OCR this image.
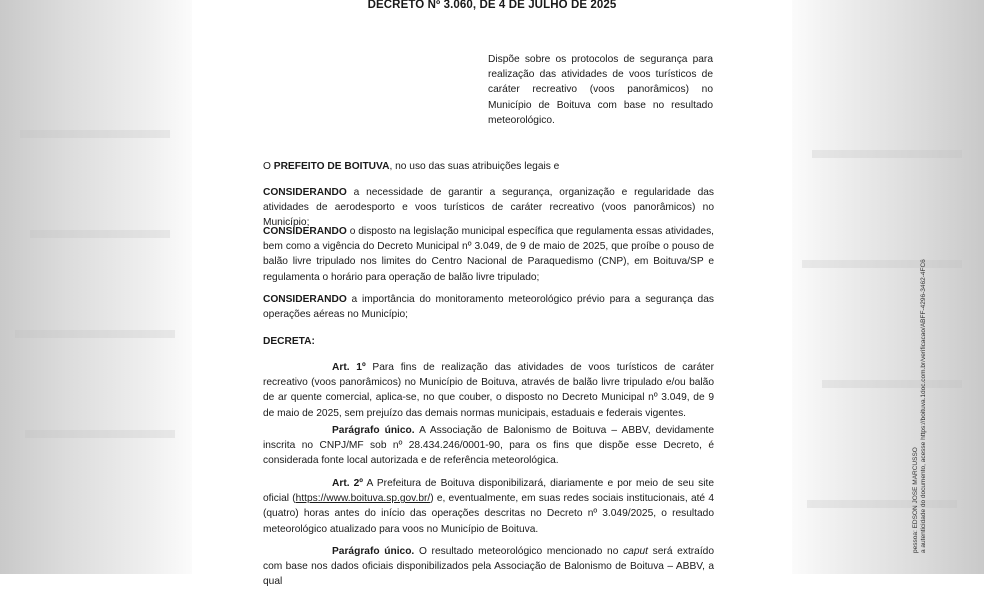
DECRETO Nº 3.060, DE 4 DE JULHO DE 2025
Dispõe sobre os protocolos de segurança para realização das atividades de voos turísticos de caráter recreativo (voos panorâmicos) no Município de Boituva com base no resultado meteorológico.
O PREFEITO DE BOITUVA, no uso das suas atribuições legais e
CONSIDERANDO a necessidade de garantir a segurança, organização e regularidade das atividades de aerodesporto e voos turísticos de caráter recreativo (voos panorâmicos) no Município;
CONSIDERANDO o disposto na legislação municipal específica que regulamenta essas atividades, bem como a vigência do Decreto Municipal nº 3.049, de 9 de maio de 2025, que proíbe o pouso de balão livre tripulado nos limites do Centro Nacional de Paraquedismo (CNP), em Boituva/SP e regulamenta o horário para operação de balão livre tripulado;
CONSIDERANDO a importância do monitoramento meteorológico prévio para a segurança das operações aéreas no Município;
DECRETA:
Art. 1º Para fins de realização das atividades de voos turísticos de caráter recreativo (voos panorâmicos) no Município de Boituva, através de balão livre tripulado e/ou balão de ar quente comercial, aplica-se, no que couber, o disposto no Decreto Municipal nº 3.049, de 9 de maio de 2025, sem prejuízo das demais normas municipais, estaduais e federais vigentes.
Parágrafo único. A Associação de Balonismo de Boituva – ABBV, devidamente inscrita no CNPJ/MF sob nº 28.434.246/0001-90, para os fins que dispõe esse Decreto, é considerada fonte local autorizada e de referência meteorológica.
Art. 2º A Prefeitura de Boituva disponibilizará, diariamente e por meio de seu site oficial (https://www.boituva.sp.gov.br/) e, eventualmente, em suas redes sociais institucionais, até 4 (quatro) horas antes do início das operações descritas no Decreto nº 3.049/2025, o resultado meteorológico atualizado para voos no Município de Boituva.
Parágrafo único. O resultado meteorológico mencionado no caput será extraído com base nos dados oficiais disponibilizados pela Associação de Balonismo de Boituva – ABBV, a qual
pessoa: EDSON JOSE MARCUSSO a autenticidade do documento, acesse https://boituva.1doc.com.br/verificacao/ABFF-4296-3462-4FC6
